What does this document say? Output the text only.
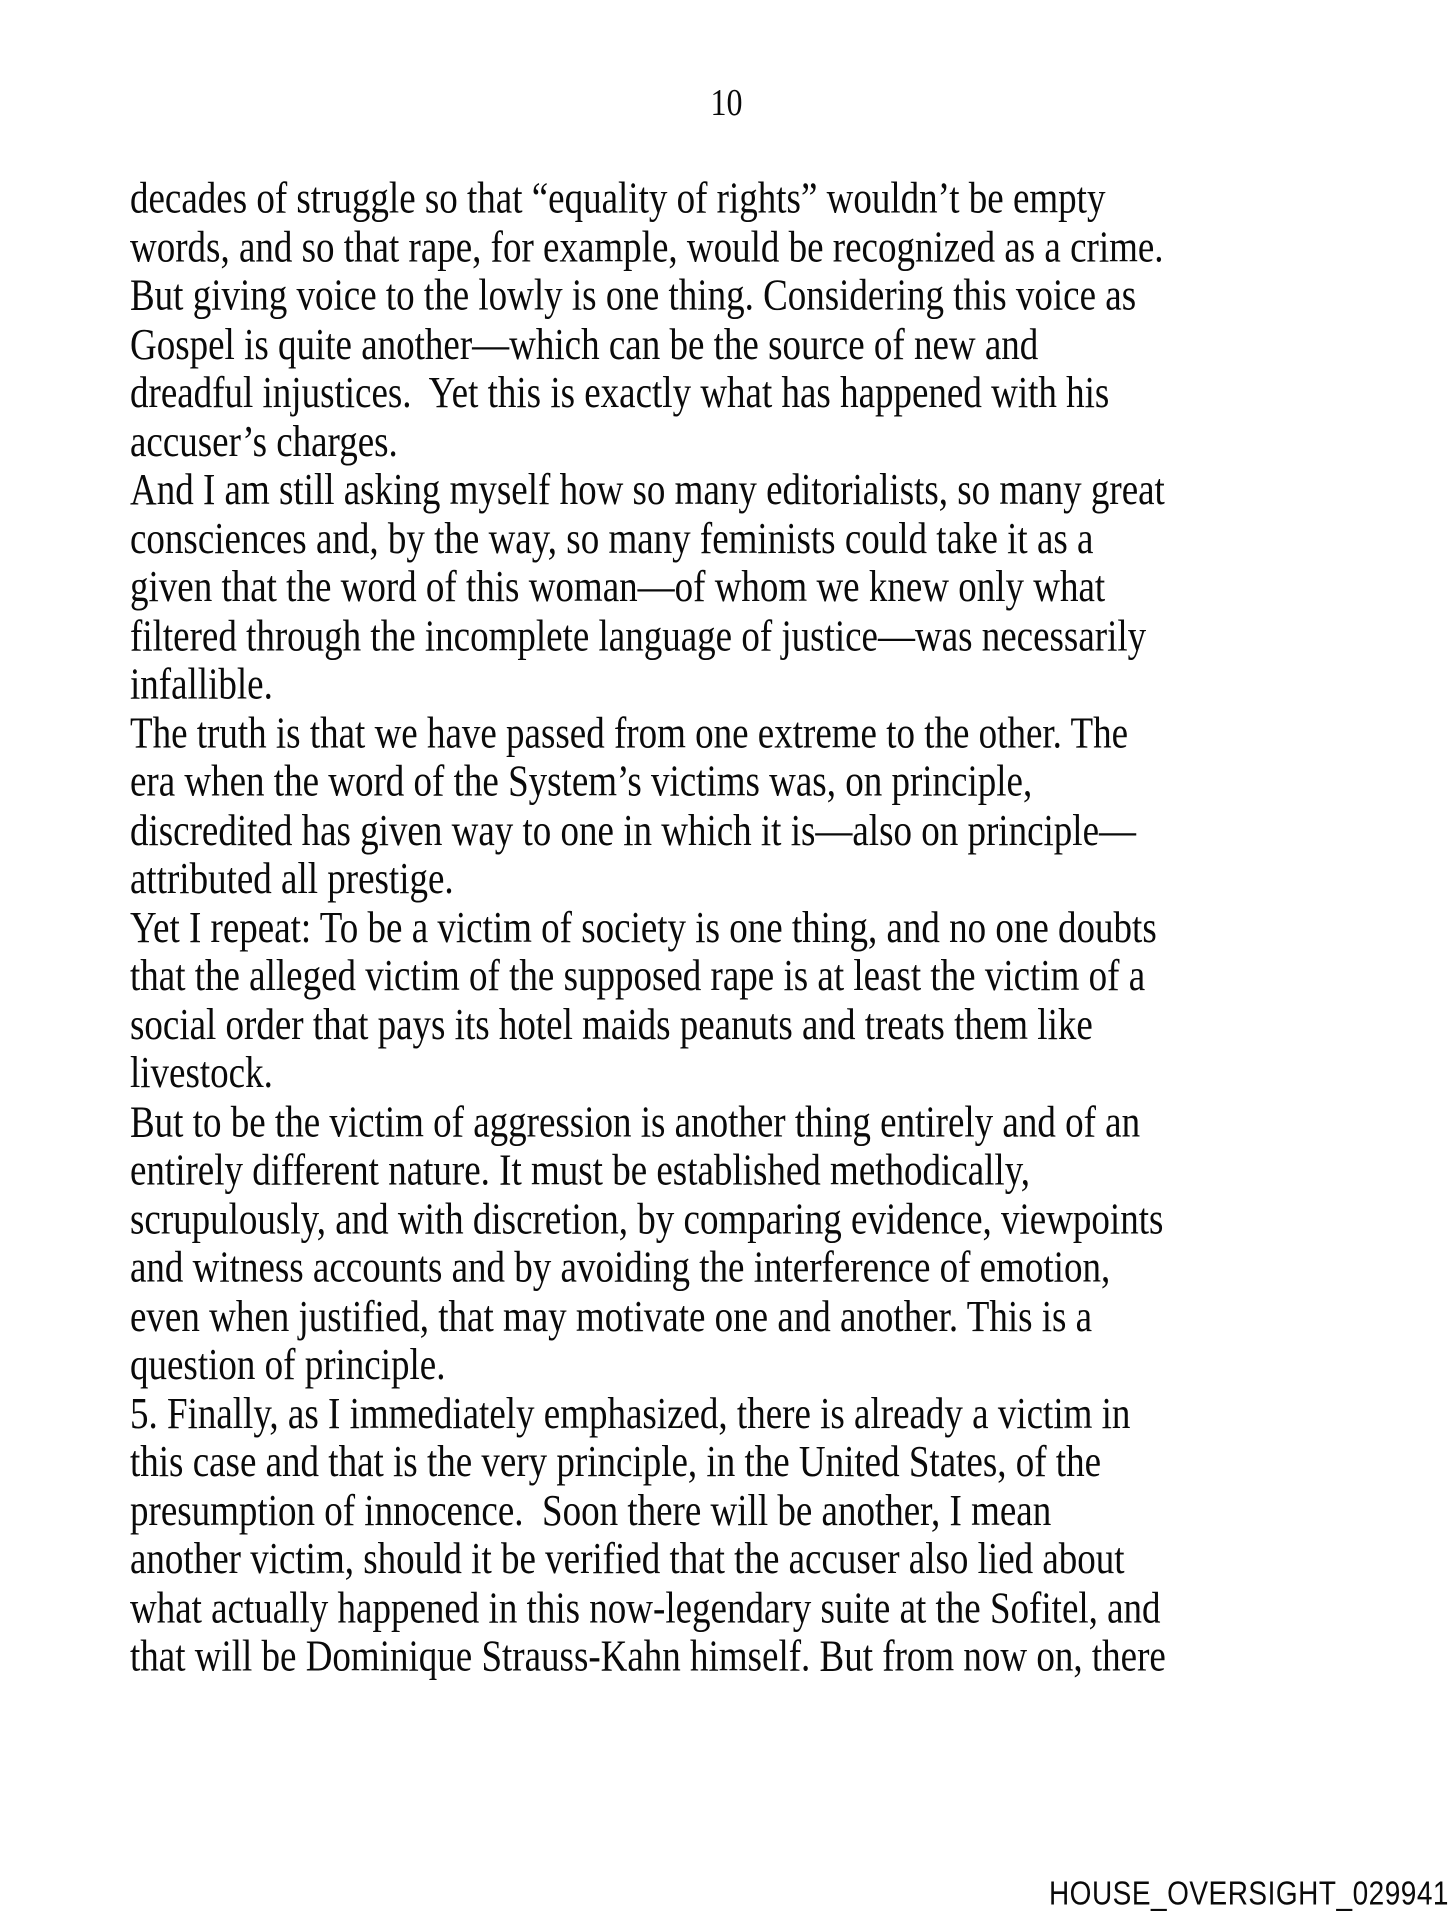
10
decades of struggle so that “equality of rights” wouldn’t be empty
words, and so that rape, for example, would be recognized as a crime.
But giving voice to the lowly is one thing. Considering this voice as
Gospel is quite another—which can be the source of new and
dreadful injustices.  Yet this is exactly what has happened with his
accuser’s charges.
And I am still asking myself how so many editorialists, so many great
consciences and, by the way, so many feminists could take it as a
given that the word of this woman—of whom we knew only what
filtered through the incomplete language of justice—was necessarily
infallible.
The truth is that we have passed from one extreme to the other. The
era when the word of the System’s victims was, on principle,
discredited has given way to one in which it is—also on principle—
attributed all prestige.
Yet I repeat: To be a victim of society is one thing, and no one doubts
that the alleged victim of the supposed rape is at least the victim of a
social order that pays its hotel maids peanuts and treats them like
livestock.
But to be the victim of aggression is another thing entirely and of an
entirely different nature. It must be established methodically,
scrupulously, and with discretion, by comparing evidence, viewpoints
and witness accounts and by avoiding the interference of emotion,
even when justified, that may motivate one and another. This is a
question of principle.
5. Finally, as I immediately emphasized, there is already a victim in
this case and that is the very principle, in the United States, of the
presumption of innocence.  Soon there will be another, I mean
another victim, should it be verified that the accuser also lied about
what actually happened in this now-legendary suite at the Sofitel, and
that will be Dominique Strauss-Kahn himself. But from now on, there
HOUSE_OVERSIGHT_029941
